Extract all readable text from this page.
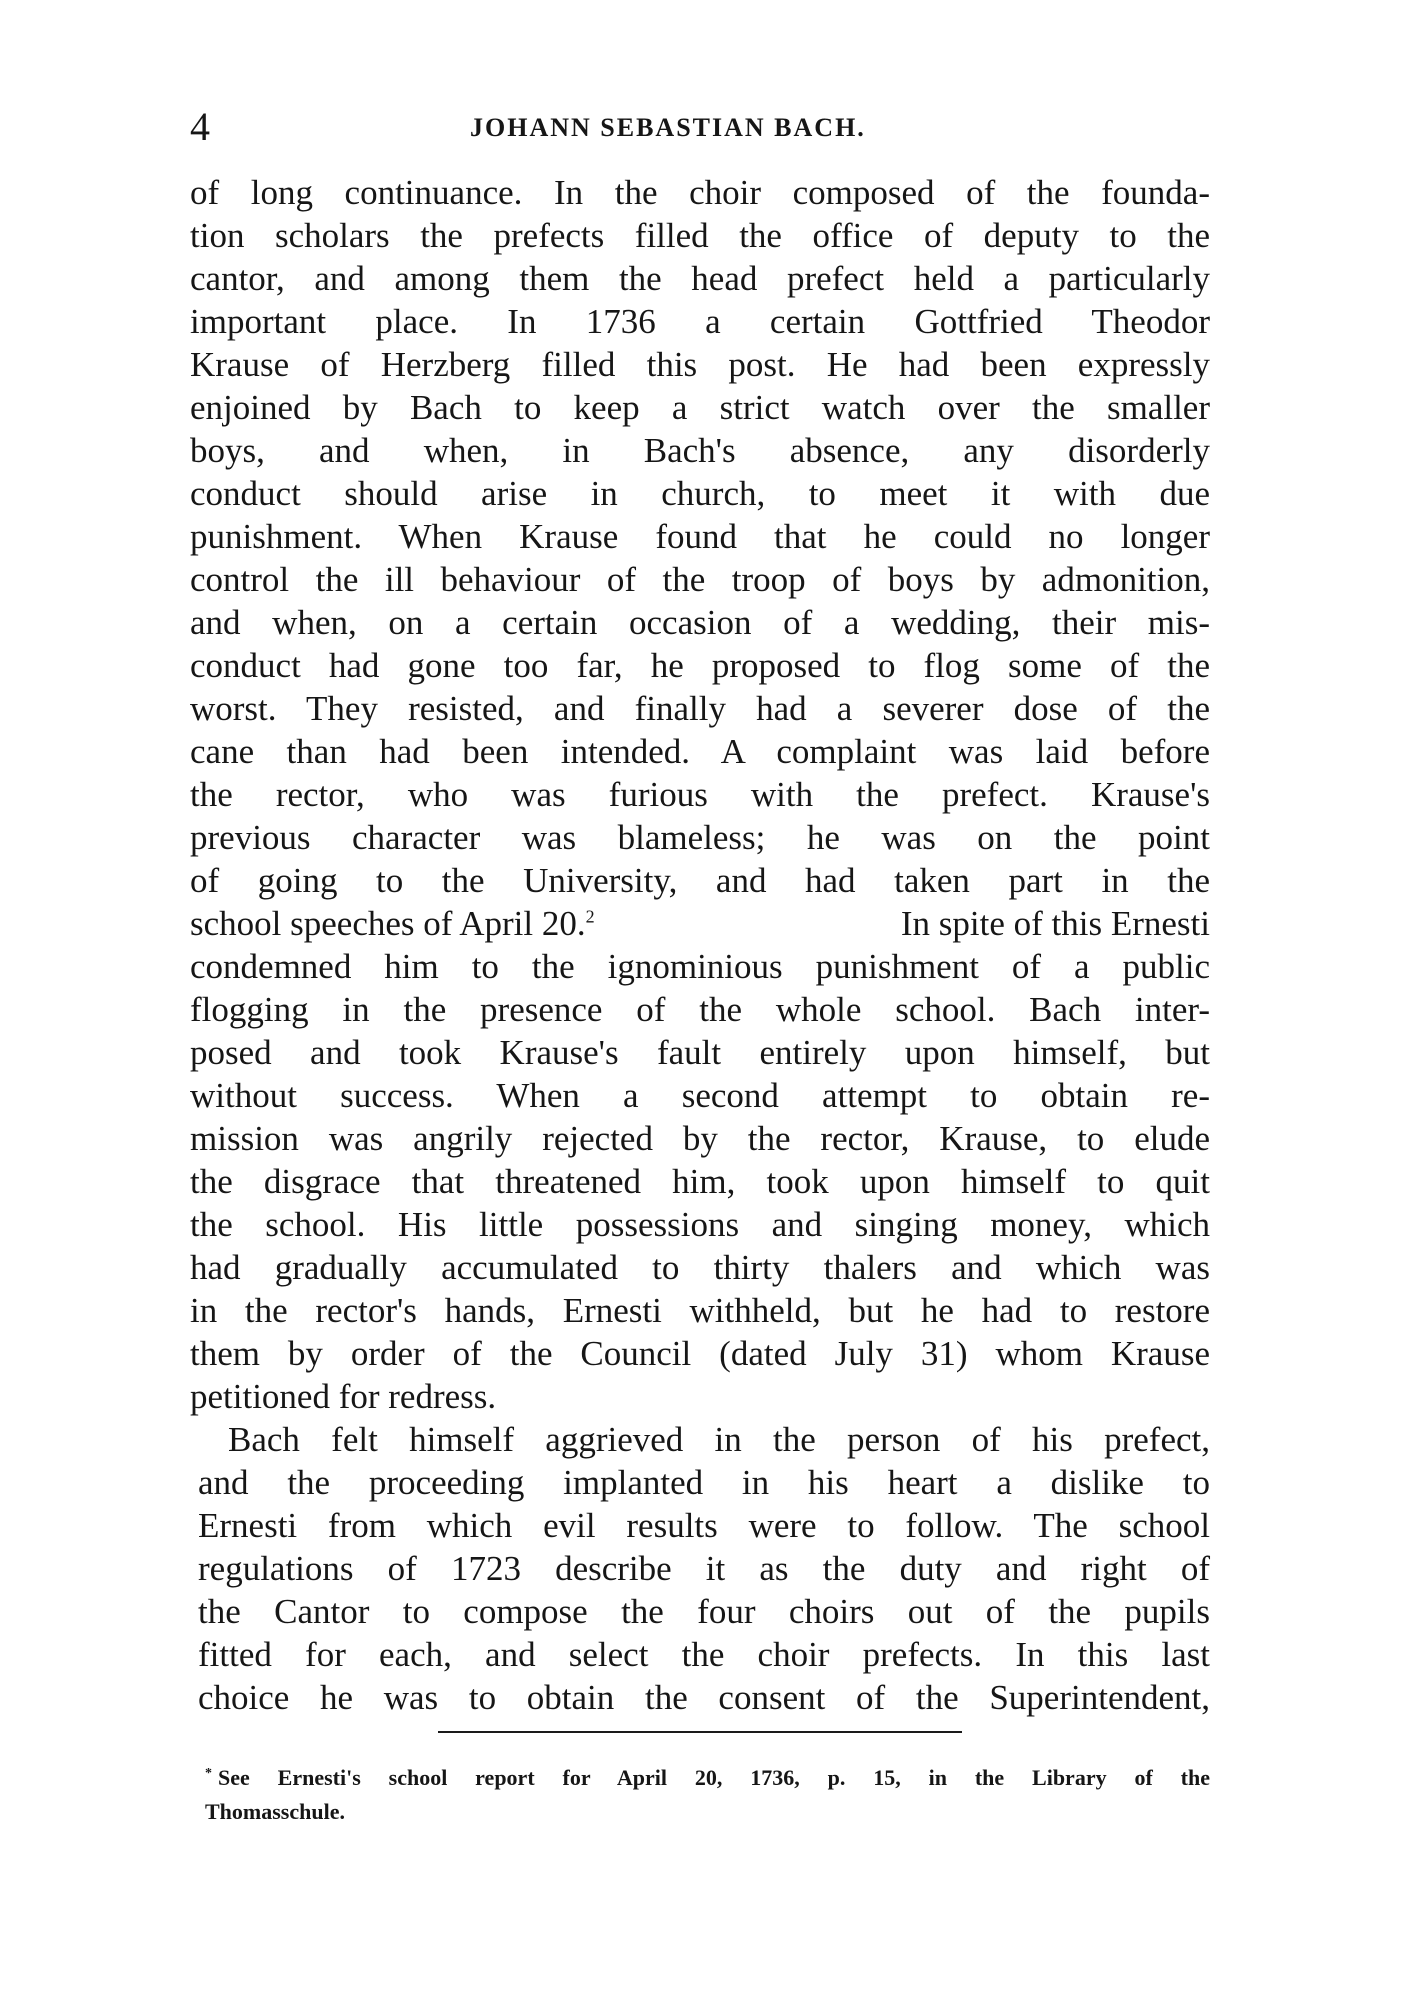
4	JOHANN SEBASTIAN BACH.
of long continuance. In the choir composed of the founda-
tion scholars the prefects filled the office of deputy to the
cantor, and among them the head prefect held a particularly
important place. In 1736 a certain Gottfried Theodor
Krause of Herzberg filled this post. He had been expressly
enjoined by Bach to keep a strict watch over the smaller
boys, and when, in Bach's absence, any disorderly
conduct should arise in church, to meet it with due
punishment. When Krause found that he could no longer
control the ill behaviour of the troop of boys by admonition,
and when, on a certain occasion of a wedding, their mis-
conduct had gone too far, he proposed to flog some of the
worst. They resisted, and finally had a severer dose of the
cane than had been intended. A complaint was laid before
the rector, who was furious with the prefect. Krause's
previous character was blameless; he was on the point
of going to the University, and had taken part in the
school speeches of April 20.$^2$	In spite of this Ernesti
condemned him to the ignominious punishment of a public
flogging in the presence of the whole school. Bach inter-
posed and took Krause's fault entirely upon himself, but
without success. When a second attempt to obtain re-
mission was angrily rejected by the rector, Krause, to elude
the disgrace that threatened him, took upon himself to quit
the school. His little possessions and singing money, which
had gradually accumulated to thirty thalers and which was
in the rector's hands, Ernesti withheld, but he had to restore
them by order of the Council (dated July 31) whom Krause
petitioned for redress.
Bach felt himself aggrieved in the person of his prefect,
and the proceeding implanted in his heart a dislike to
Ernesti from which evil results were to follow. The school
regulations of 1723 describe it as the duty and right of
the Cantor to compose the four choirs out of the pupils
fitted for each, and select the choir prefects. In this last
choice he was to obtain the consent of the Superintendent,
* See Ernesti's school report for April 20, 1736, p. 15, in the Library of the
Thomasschule.
